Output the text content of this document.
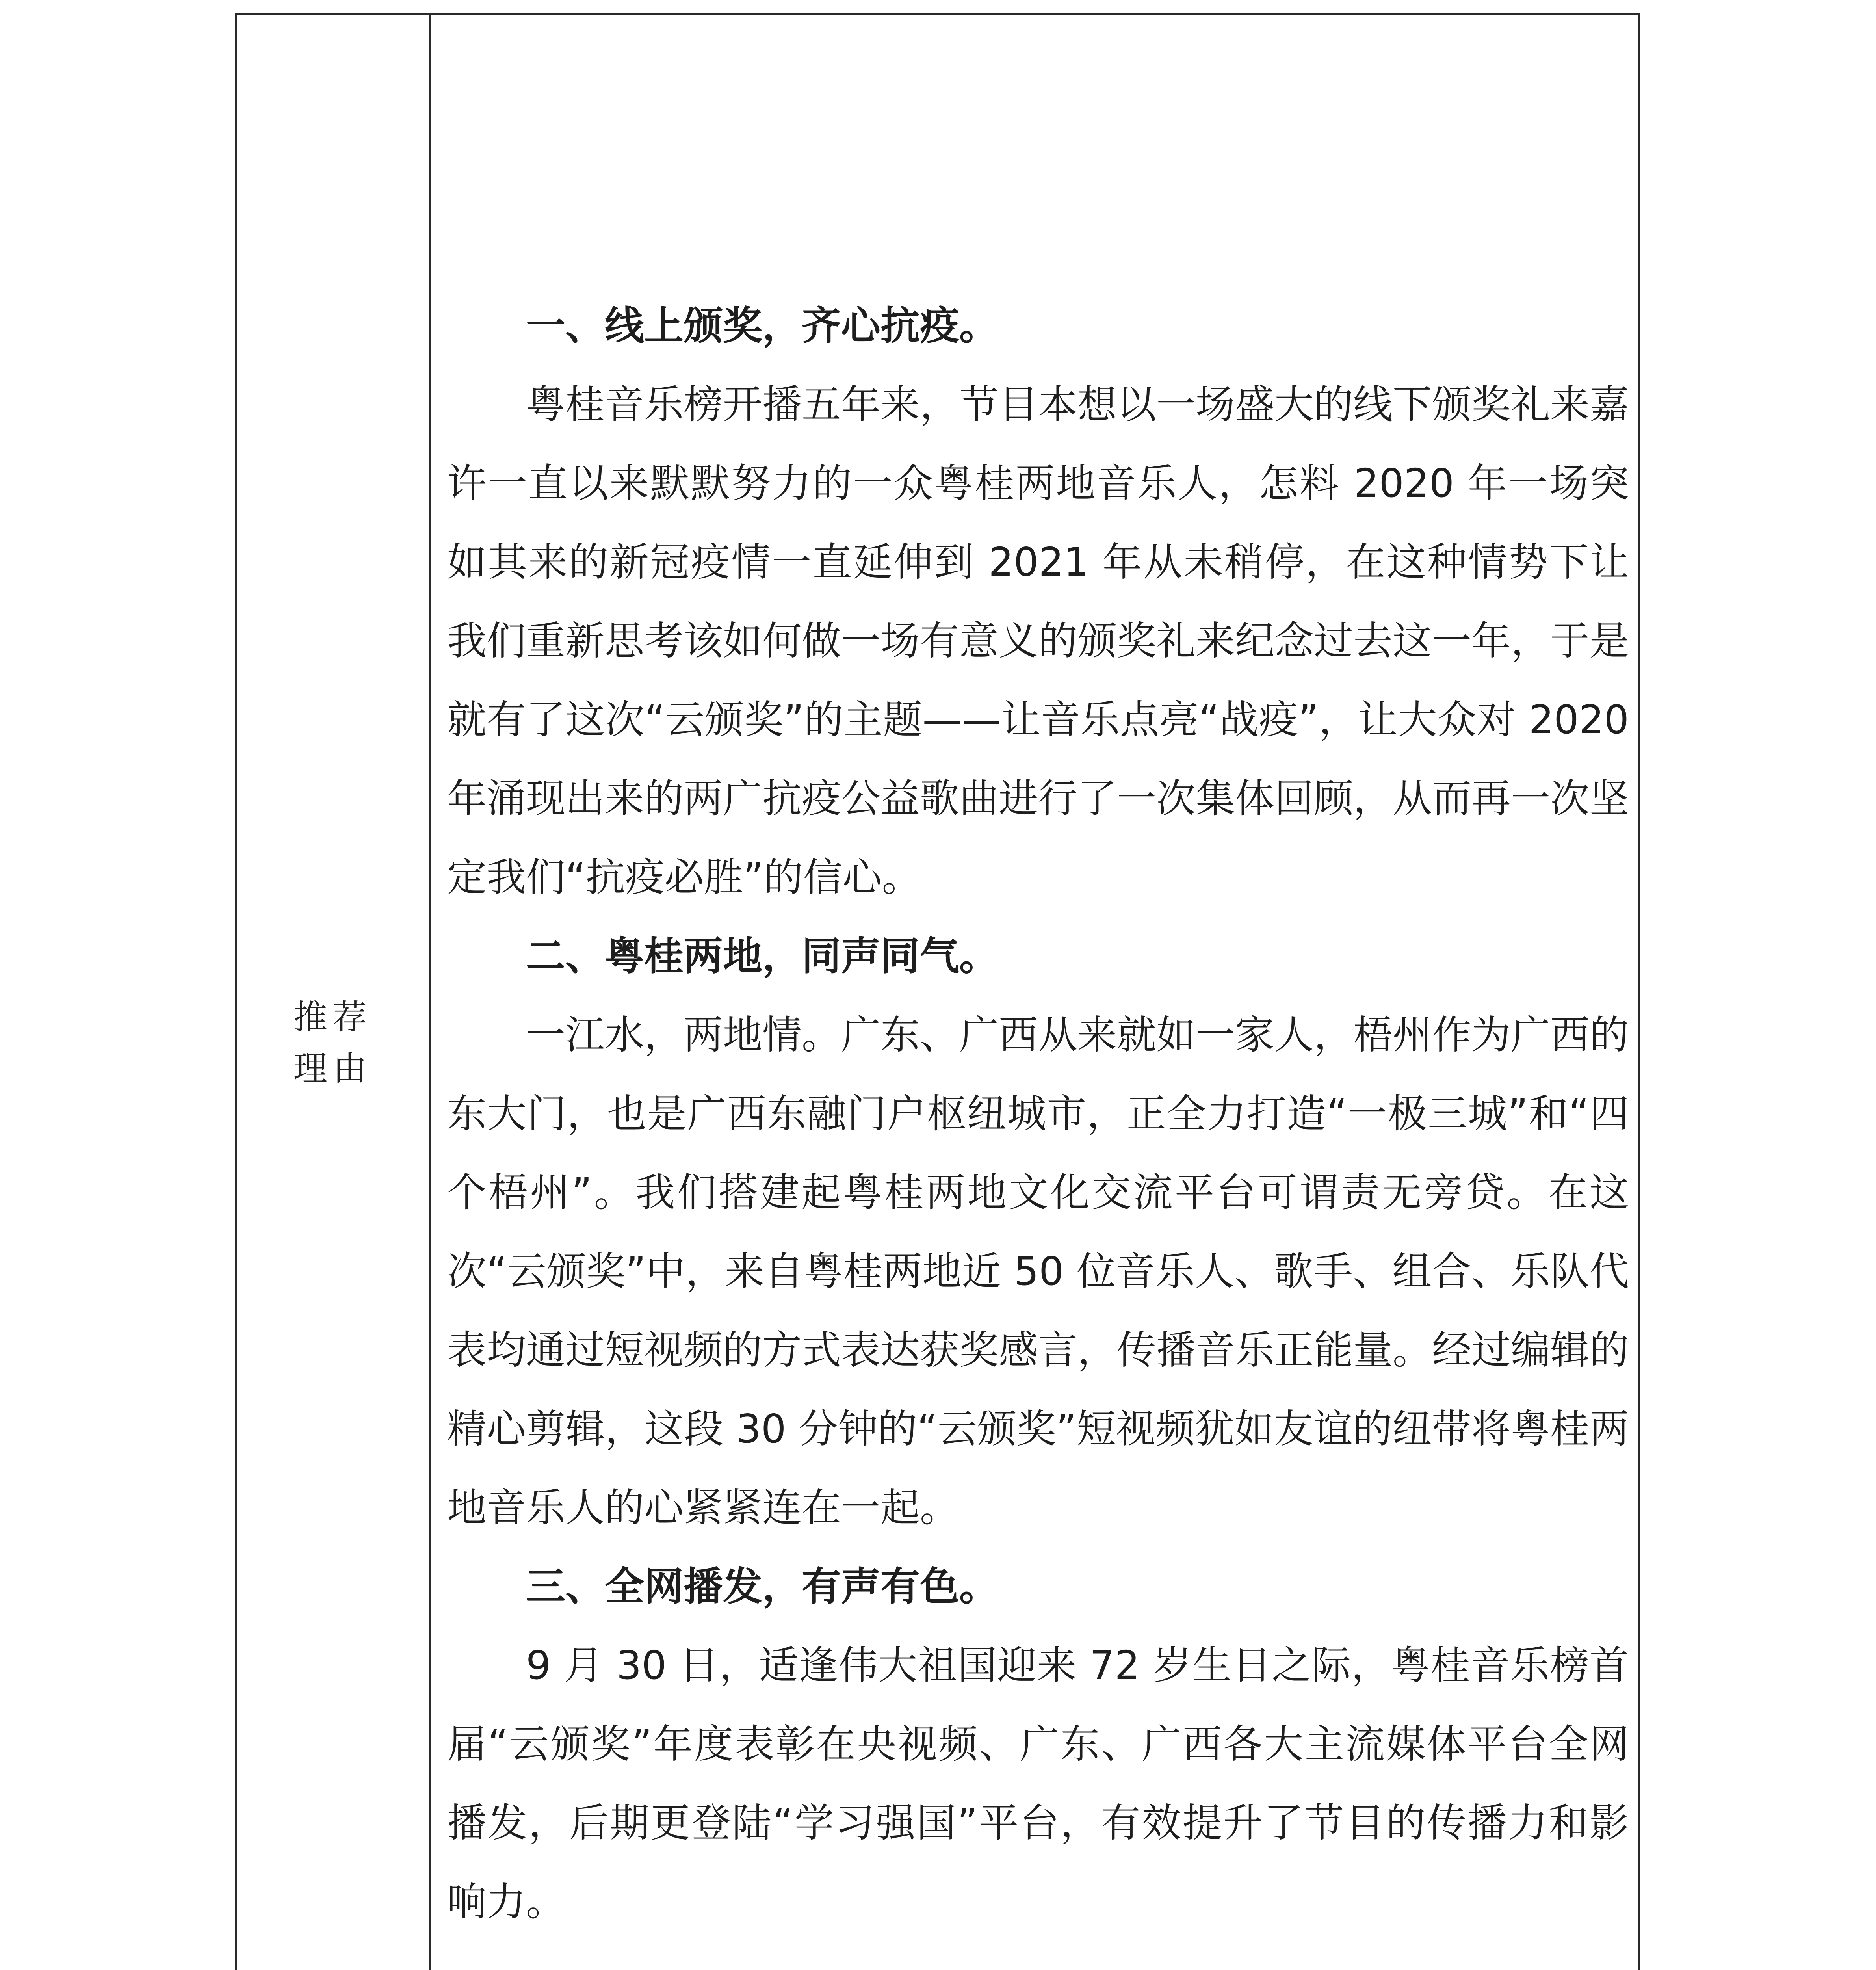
推荐
理由

一、线上颁奖，齐心抗疫。

粤桂音乐榜开播五年来，节目本想以一场盛大的线下颁奖礼来嘉许一直以来默默努力的一众粤桂两地音乐人，怎料 2020 年一场突如其来的新冠疫情一直延伸到 2021 年从未稍停，在这种情势下让我们重新思考该如何做一场有意义的颁奖礼来纪念过去这一年，于是就有了这次“云颁奖”的主题——让音乐点亮“战疫”，让大众对 2020 年涌现出来的两广抗疫公益歌曲进行了一次集体回顾，从而再一次坚定我们“抗疫必胜”的信心。

二、粤桂两地，同声同气。

一江水，两地情。广东、广西从来就如一家人，梧州作为广西的东大门，也是广西东融门户枢纽城市，正全力打造“一极三城”和“四个梧州”。我们搭建起粤桂两地文化交流平台可谓责无旁贷。在这次“云颁奖”中，来自粤桂两地近 50 位音乐人、歌手、组合、乐队代表均通过短视频的方式表达获奖感言，传播音乐正能量。经过编辑的精心剪辑，这段 30 分钟的“云颁奖”短视频犹如友谊的纽带将粤桂两地音乐人的心紧紧连在一起。

三、全网播发，有声有色。

9 月 30 日，适逢伟大祖国迎来 72 岁生日之际，粤桂音乐榜首届“云颁奖”年度表彰在央视频、广东、广西各大主流媒体平台全网播发，后期更登陆“学习强国”平台，有效提升了节目的传播力和影响力。
